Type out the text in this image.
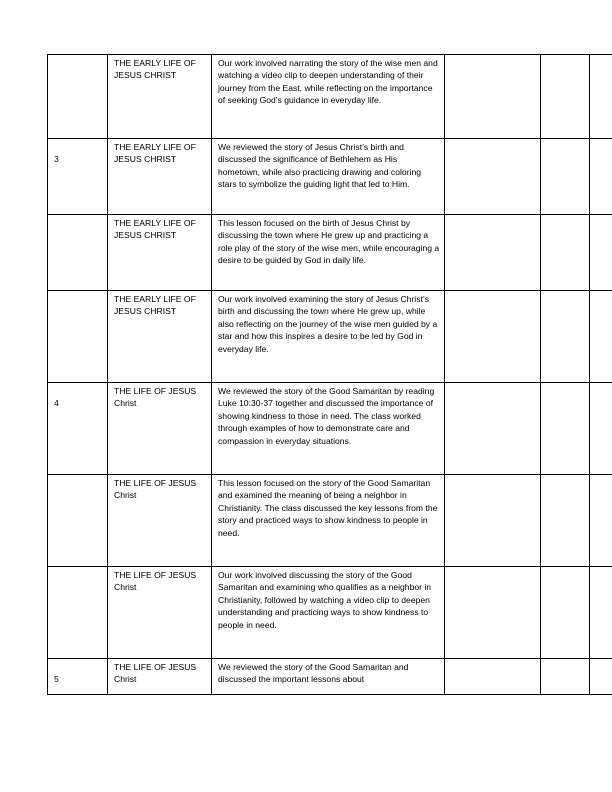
	THE EARLY LIFE OF JESUS CHRIST	Our work involved narrating the story of the wise men and watching a video clip to deepen understanding of their journey from the East, while reflecting on the importance of seeking God’s guidance in everyday life.			

3	THE EARLY LIFE OF JESUS CHRIST	We reviewed the story of Jesus Christ’s birth and discussed the significance of Bethlehem as His hometown, while also practicing drawing and coloring stars to symbolize the guiding light that led to Him.			

	THE EARLY LIFE OF JESUS CHRIST	This lesson focused on the birth of Jesus Christ by discussing the town where He grew up and practicing a role play of the story of the wise men, while encouraging a desire to be guided by God in daily life.			

	THE EARLY LIFE OF JESUS CHRIST	Our work involved examining the story of Jesus Christ’s birth and discussing the town where He grew up, while also reflecting on the journey of the wise men guided by a star and how this inspires a desire to be led by God in everyday life.			

4	THE LIFE OF JESUS Christ	We reviewed the story of the Good Samaritan by reading Luke 10:30-37 together and discussed the importance of showing kindness to those in need. The class worked through examples of how to demonstrate care and compassion in everyday situations.			

	THE LIFE OF JESUS Christ	This lesson focused on the story of the Good Samaritan and examined the meaning of being a neighbor in Christianity. The class discussed the key lessons from the story and practiced ways to show kindness to people in need.			

	THE LIFE OF JESUS Christ	Our work involved discussing the story of the Good Samaritan and examining who qualifies as a neighbor in Christianity, followed by watching a video clip to deepen understanding and practicing ways to show kindness to people in need.			

5	THE LIFE OF JESUS Christ	We reviewed the story of the Good Samaritan and discussed the important lessons about			
